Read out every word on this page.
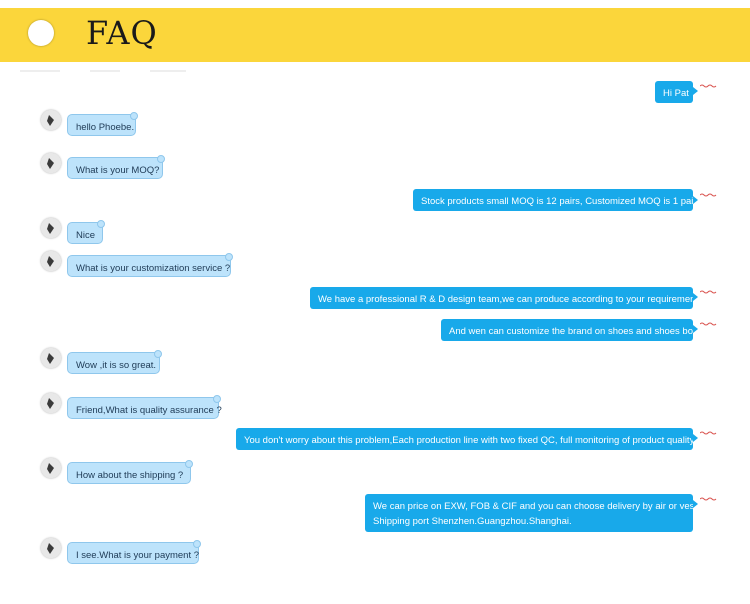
FAQ
Hi Pat
hello Phoebe.
What is your MOQ?
Stock products small MOQ is 12 pairs, Customized MOQ is 1 pair.
Nice
What is your customization service ?
We have a professional R & D design team,we can produce according to your requirements.
And wen can customize the brand on shoes and shoes box.
Wow ,it is so great.
Friend,What is quality assurance ?
You don't worry about this problem,Each production line with two fixed QC, full monitoring of product quality.
How about the shipping ?
We can price on EXW, FOB & CIF and you can choose delivery by air or vessel.
Shipping port Shenzhen.Guangzhou.Shanghai.
I see.What is your payment ?
